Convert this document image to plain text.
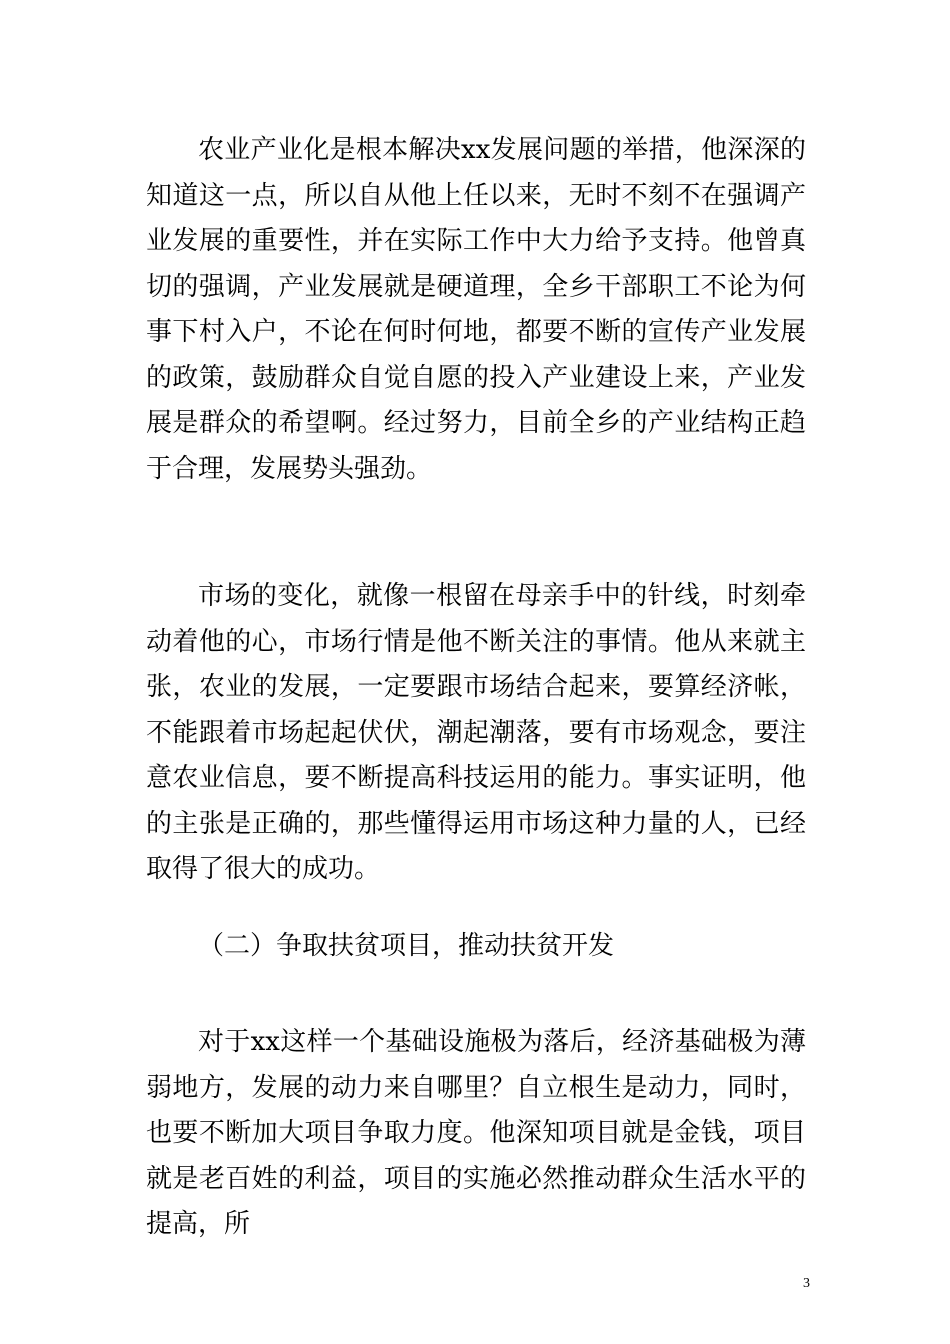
农业产业化是根本解决xx发展问题的举措，他深深的知道这一点，所以自从他上任以来，无时不刻不在强调产业发展的重要性，并在实际工作中大力给予支持。他曾真切的强调，产业发展就是硬道理，全乡干部职工不论为何事下村入户，不论在何时何地，都要不断的宣传产业发展的政策，鼓励群众自觉自愿的投入产业建设上来，产业发展是群众的希望啊。经过努力，目前全乡的产业结构正趋于合理，发展势头强劲。

市场的变化，就像一根留在母亲手中的针线，时刻牵动着他的心，市场行情是他不断关注的事情。他从来就主张，农业的发展，一定要跟市场结合起来，要算经济帐，不能跟着市场起起伏伏，潮起潮落，要有市场观念，要注意农业信息，要不断提高科技运用的能力。事实证明，他的主张是正确的，那些懂得运用市场这种力量的人，已经取得了很大的成功。

（二）争取扶贫项目，推动扶贫开发

对于xx这样一个基础设施极为落后，经济基础极为薄弱地方，发展的动力来自哪里？自立根生是动力，同时，也要不断加大项目争取力度。他深知项目就是金钱，项目就是老百姓的利益，项目的实施必然推动群众生活水平的提高，所

3
